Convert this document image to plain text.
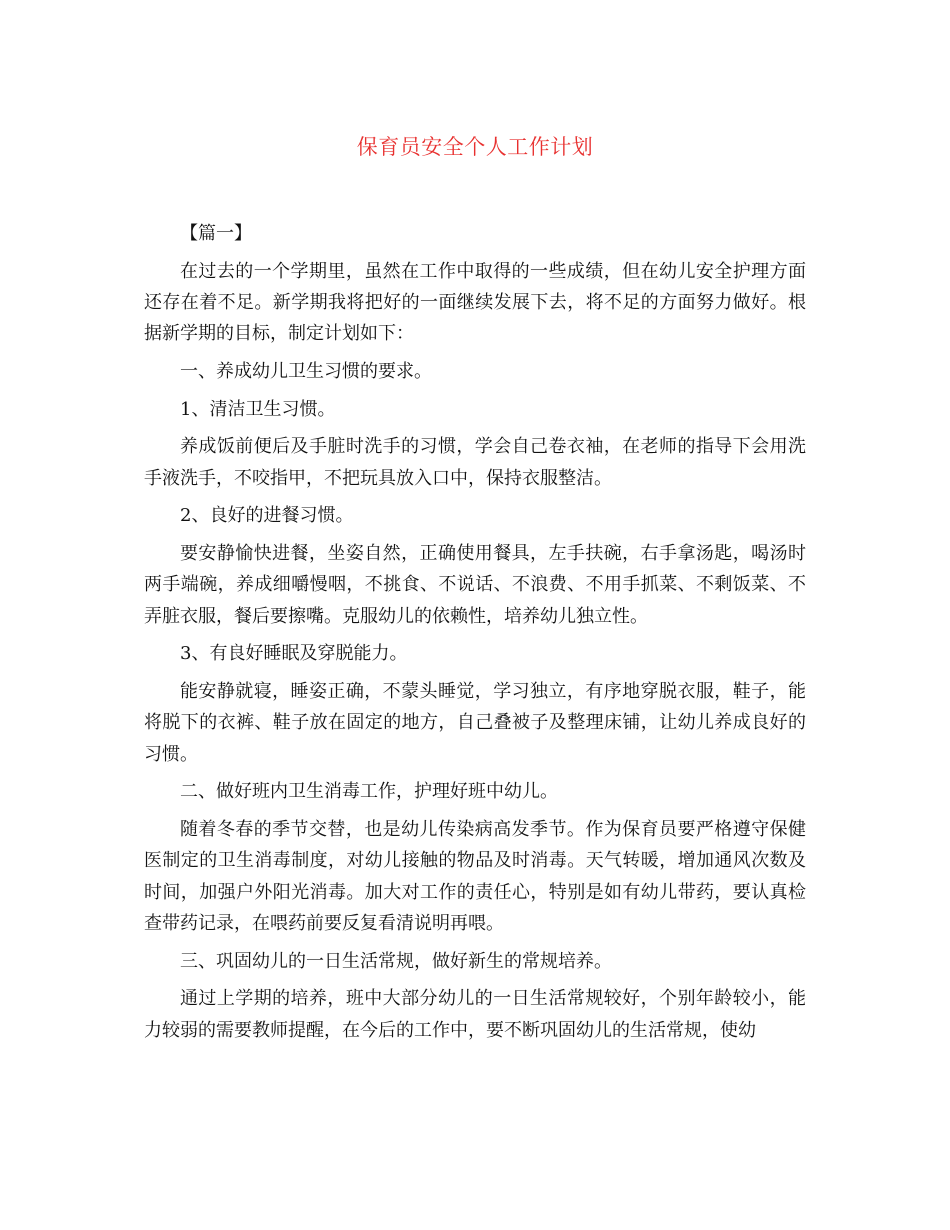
保育员安全个人工作计划

【篇一】

在过去的一个学期里，虽然在工作中取得的一些成绩，但在幼儿安全护理方面还存在着不足。新学期我将把好的一面继续发展下去，将不足的方面努力做好。根据新学期的目标，制定计划如下：

一、养成幼儿卫生习惯的要求。

1、清洁卫生习惯。

养成饭前便后及手脏时洗手的习惯，学会自己卷衣袖，在老师的指导下会用洗手液洗手，不咬指甲，不把玩具放入口中，保持衣服整洁。

2、良好的进餐习惯。

要安静愉快进餐，坐姿自然，正确使用餐具，左手扶碗，右手拿汤匙，喝汤时两手端碗，养成细嚼慢咽，不挑食、不说话、不浪费、不用手抓菜、不剩饭菜、不弄脏衣服，餐后要擦嘴。克服幼儿的依赖性，培养幼儿独立性。

3、有良好睡眠及穿脱能力。

能安静就寝，睡姿正确，不蒙头睡觉，学习独立，有序地穿脱衣服，鞋子，能将脱下的衣裤、鞋子放在固定的地方，自己叠被子及整理床铺，让幼儿养成良好的习惯。

二、做好班内卫生消毒工作，护理好班中幼儿。

随着冬春的季节交替，也是幼儿传染病高发季节。作为保育员要严格遵守保健医制定的卫生消毒制度，对幼儿接触的物品及时消毒。天气转暖，增加通风次数及时间，加强户外阳光消毒。加大对工作的责任心，特别是如有幼儿带药，要认真检查带药记录，在喂药前要反复看清说明再喂。

三、巩固幼儿的一日生活常规，做好新生的常规培养。

通过上学期的培养，班中大部分幼儿的一日生活常规较好，个别年龄较小，能力较弱的需要教师提醒，在今后的工作中，要不断巩固幼儿的生活常规，使幼
